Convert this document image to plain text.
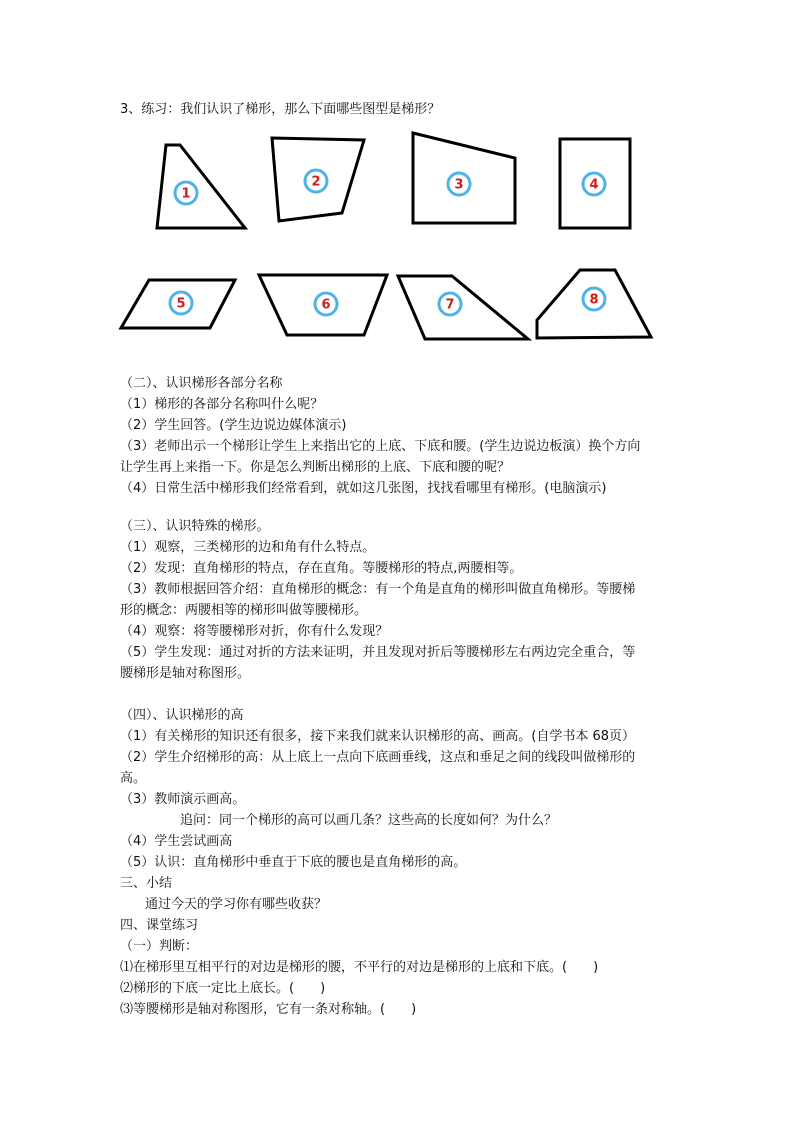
3、练习：我们认识了梯形，那么下面哪些图型是梯形？

1
2	3	4
5	6	7	8

（二）、认识梯形各部分名称

（1）梯形的各部分名称叫什么呢？

（2）学生回答。(学生边说边媒体演示)

（3）老师出示一个梯形让学生上来指出它的上底、下底和腰。(学生边说边板演）换个方向

让学生再上来指一下。你是怎么判断出梯形的上底、下底和腰的呢？

（4）日常生活中梯形我们经常看到，就如这几张图，找找看哪里有梯形。(电脑演示)

（三）、认识特殊的梯形。

（1）观察，三类梯形的边和角有什么特点。

（2）发现：直角梯形的特点，存在直角。等腰梯形的特点,两腰相等。

（3）教师根据回答介绍：直角梯形的概念：有一个角是直角的梯形叫做直角梯形。等腰梯

形的概念：两腰相等的梯形叫做等腰梯形。

（4）观察：将等腰梯形对折，你有什么发现？

（5）学生发现：通过对折的方法来证明，并且发现对折后等腰梯形左右两边完全重合，等

腰梯形是轴对称图形。

（四）、认识梯形的高

（1）有关梯形的知识还有很多，接下来我们就来认识梯形的高、画高。(自学书本 68页）

（2）学生介绍梯形的高：从上底上一点向下底画垂线，这点和垂足之间的线段叫做梯形的

高。

（3）教师演示画高。

追问：同一个梯形的高可以画几条？这些高的长度如何？为什么？

（4）学生尝试画高

（5）认识：直角梯形中垂直于下底的腰也是直角梯形的高。

三、小结

通过今天的学习你有哪些收获？

四、课堂练习

（一）判断：

⑴在梯形里互相平行的对边是梯形的腰，不平行的对边是梯形的上底和下底。(　　)

⑵梯形的下底一定比上底长。(　　)

⑶等腰梯形是轴对称图形，它有一条对称轴。(　　)
